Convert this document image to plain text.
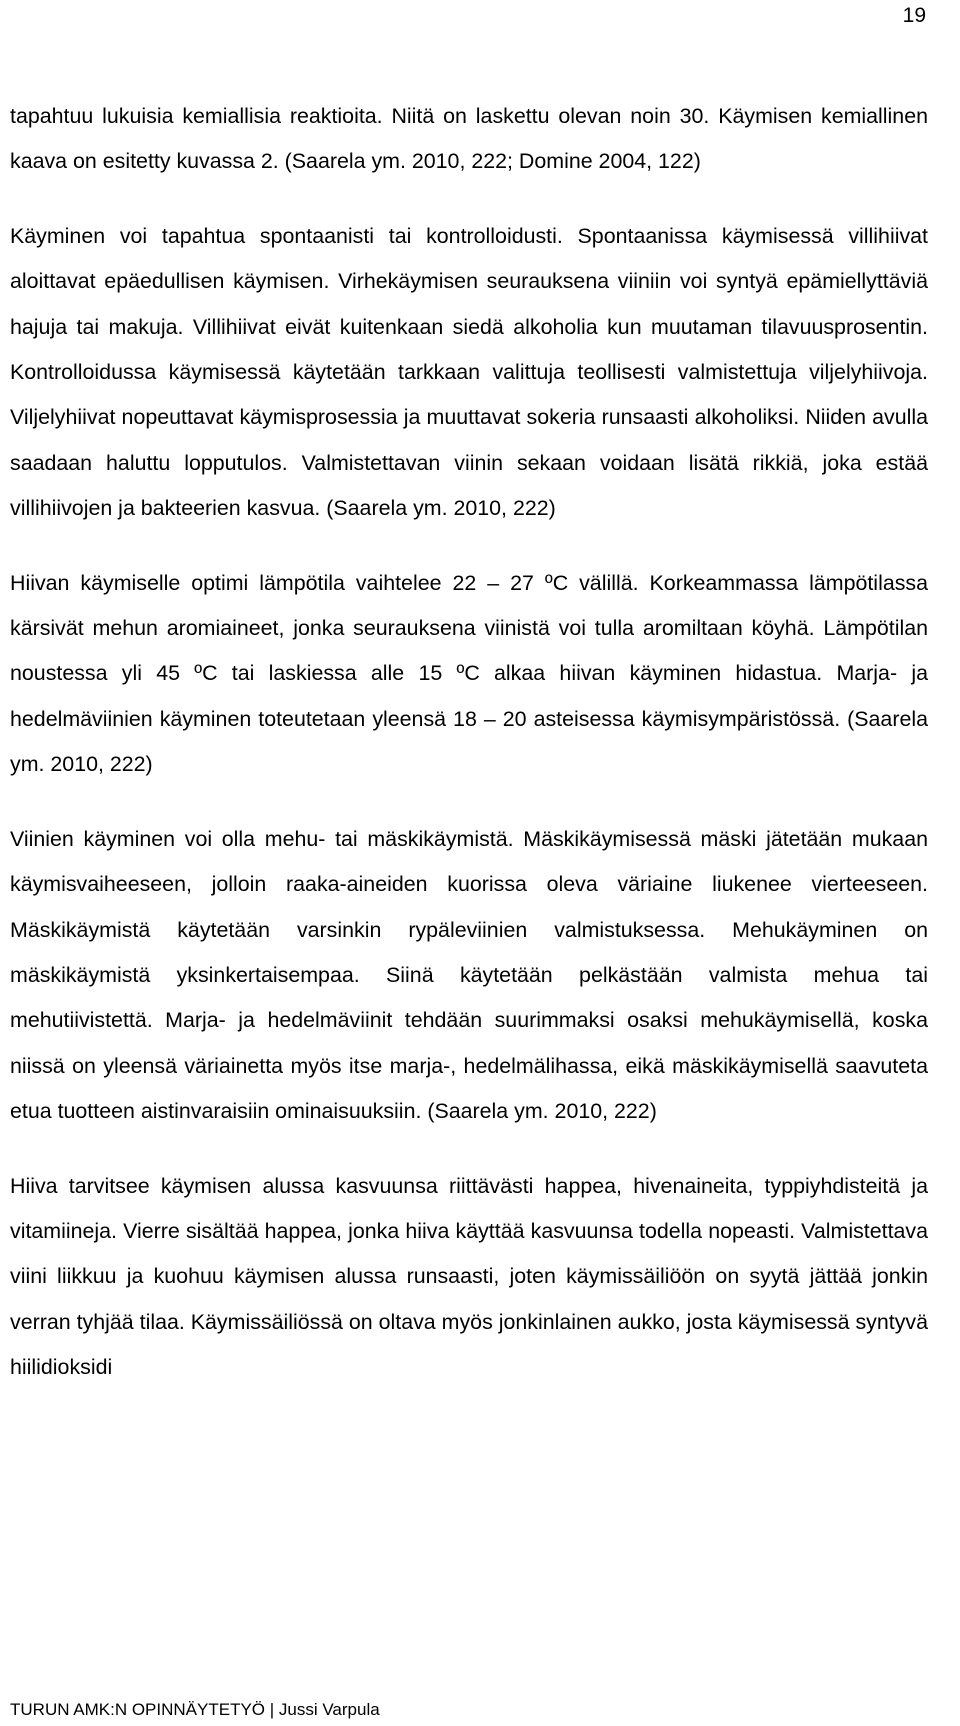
19

tapahtuu lukuisia kemiallisia reaktioita. Niitä on laskettu olevan noin 30. Käymisen kemiallinen kaava on esitetty kuvassa 2. (Saarela ym. 2010, 222; Domine 2004, 122)

Käyminen voi tapahtua spontaanisti tai kontrolloidusti. Spontaanissa käymisessä villihiivat aloittavat epäedullisen käymisen. Virhekäymisen seurauksena viiniin voi syntyä epämiellyttäviä hajuja tai makuja. Villihiivat eivät kuitenkaan siedä alkoholia kun muutaman tilavuusprosentin. Kontrolloidussa käymisessä käytetään tarkkaan valittuja teollisesti valmistettuja viljelyhiivoja. Viljelyhiivat nopeuttavat käymisprosessia ja muuttavat sokeria runsaasti alkoholiksi. Niiden avulla saadaan haluttu lopputulos. Valmistettavan viinin sekaan voidaan lisätä rikkiä, joka estää villihiivojen ja bakteerien kasvua. (Saarela ym. 2010, 222)

Hiivan käymiselle optimi lämpötila vaihtelee 22 – 27 ºC välillä. Korkeammassa lämpötilassa kärsivät mehun aromiaineet, jonka seurauksena viinistä voi tulla aromiltaan köyhä. Lämpötilan noustessa yli 45 ºC tai laskiessa alle 15 ºC alkaa hiivan käyminen hidastua. Marja- ja hedelmäviinien käyminen toteutetaan yleensä 18 – 20 asteisessa käymisympäristössä. (Saarela ym. 2010, 222)

Viinien käyminen voi olla mehu- tai mäskikäymistä. Mäskikäymisessä mäski jätetään mukaan käymisvaiheeseen, jolloin raaka-aineiden kuorissa oleva väriaine liukenee vierteeseen. Mäskikäymistä käytetään varsinkin rypäleviinien valmistuksessa. Mehukäyminen on mäskikäymistä yksinkertaisempaa. Siinä käytetään pelkästään valmista mehua tai mehutiivistettä. Marja- ja hedelmäviinit tehdään suurimmaksi osaksi mehukäymisellä, koska niissä on yleensä väriainetta myös itse marja-, hedelmälihassa, eikä mäskikäymisellä saavuteta etua tuotteen aistinvaraisiin ominaisuuksiin. (Saarela ym. 2010, 222)

Hiiva tarvitsee käymisen alussa kasvuunsa riittävästi happea, hivenaineita, typpiyhdisteitä ja vitamiineja. Vierre sisältää happea, jonka hiiva käyttää kasvuunsa todella nopeasti. Valmistettava viini liikkuu ja kuohuu käymisen alussa runsaasti, joten käymissäiliöön on syytä jättää jonkin verran tyhjää tilaa. Käymissäiliössä on oltava myös jonkinlainen aukko, josta käymisessä syntyvä hiilidioksidi

TURUN AMK:N OPINNÄYTETYÖ | Jussi Varpula
